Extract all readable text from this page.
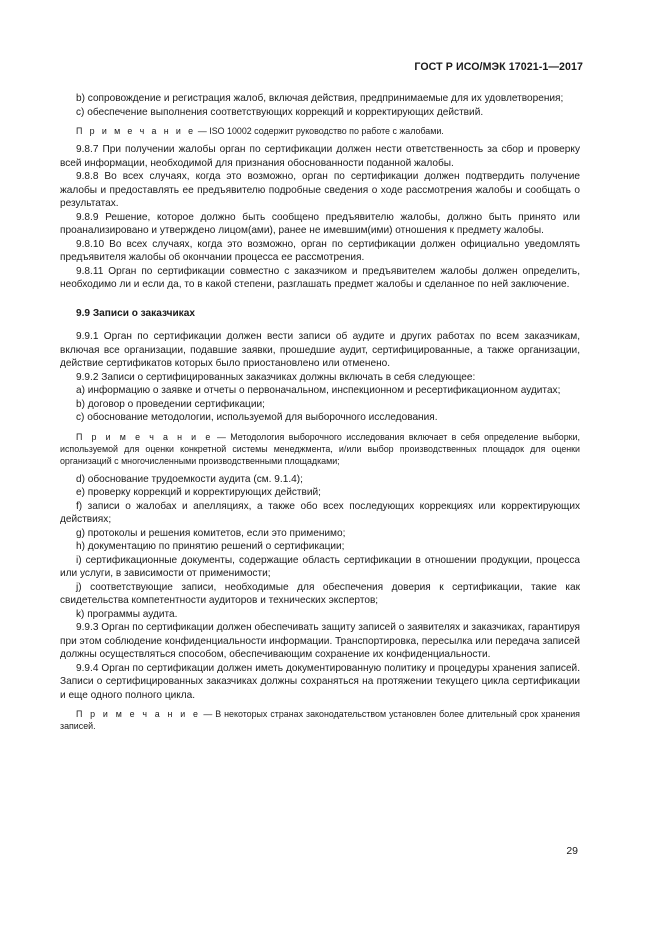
ГОСТ Р ИСО/МЭК 17021-1—2017

b) сопровождение и регистрация жалоб, включая действия, предпринимаемые для их удовлетворения;

c) обеспечение выполнения соответствующих коррекций и корректирующих действий.

П р и м е ч а н и е — ISO 10002 содержит руководство по работе с жалобами.

9.8.7 При получении жалобы орган по сертификации должен нести ответственность за сбор и проверку всей информации, необходимой для признания обоснованности поданной жалобы.

9.8.8 Во всех случаях, когда это возможно, орган по сертификации должен подтвердить получение жалобы и предоставлять ее предъявителю подробные сведения о ходе рассмотрения жалобы и сообщать о результатах.

9.8.9 Решение, которое должно быть сообщено предъявителю жалобы, должно быть принято или проанализировано и утверждено лицом(ами), ранее не имевшим(ими) отношения к предмету жалобы.

9.8.10 Во всех случаях, когда это возможно, орган по сертификации должен официально уведомлять предъявителя жалобы об окончании процесса ее рассмотрения.

9.8.11 Орган по сертификации совместно с заказчиком и предъявителем жалобы должен определить, необходимо ли и если да, то в какой степени, разглашать предмет жалобы и сделанное по ней заключение.

9.9 Записи о заказчиках

9.9.1 Орган по сертификации должен вести записи об аудите и других работах по всем заказчикам, включая все организации, подавшие заявки, прошедшие аудит, сертифицированные, а также организации, действие сертификатов которых было приостановлено или отменено.

9.9.2 Записи о сертифицированных заказчиках должны включать в себя следующее:

a) информацию о заявке и отчеты о первоначальном, инспекционном и ресертификационном аудитах;

b) договор о проведении сертификации;

c) обоснование методологии, используемой для выборочного исследования.

П р и м е ч а н и е — Методология выборочного исследования включает в себя определение выборки, используемой для оценки конкретной системы менеджмента, и/или выбор производственных площадок для оценки организаций с многочисленными производственными площадками;

d) обоснование трудоемкости аудита (см. 9.1.4);

e) проверку коррекций и корректирующих действий;

f) записи о жалобах и апелляциях, а также обо всех последующих коррекциях или корректирующих действиях;

g) протоколы и решения комитетов, если это применимо;

h) документацию по принятию решений о сертификации;

i) сертификационные документы, содержащие область сертификации в отношении продукции, процесса или услуги, в зависимости от применимости;

j) соответствующие записи, необходимые для обеспечения доверия к сертификации, такие как свидетельства компетентности аудиторов и технических экспертов;

k) программы аудита.

9.9.3 Орган по сертификации должен обеспечивать защиту записей о заявителях и заказчиках, гарантируя при этом соблюдение конфиденциальности информации. Транспортировка, пересылка или передача записей должны осуществляться способом, обеспечивающим сохранение их конфиденциальности.

9.9.4 Орган по сертификации должен иметь документированную политику и процедуры хранения записей. Записи о сертифицированных заказчиках должны сохраняться на протяжении текущего цикла сертификации и еще одного полного цикла.

П р и м е ч а н и е — В некоторых странах законодательством установлен более длительный срок хранения записей.

29
